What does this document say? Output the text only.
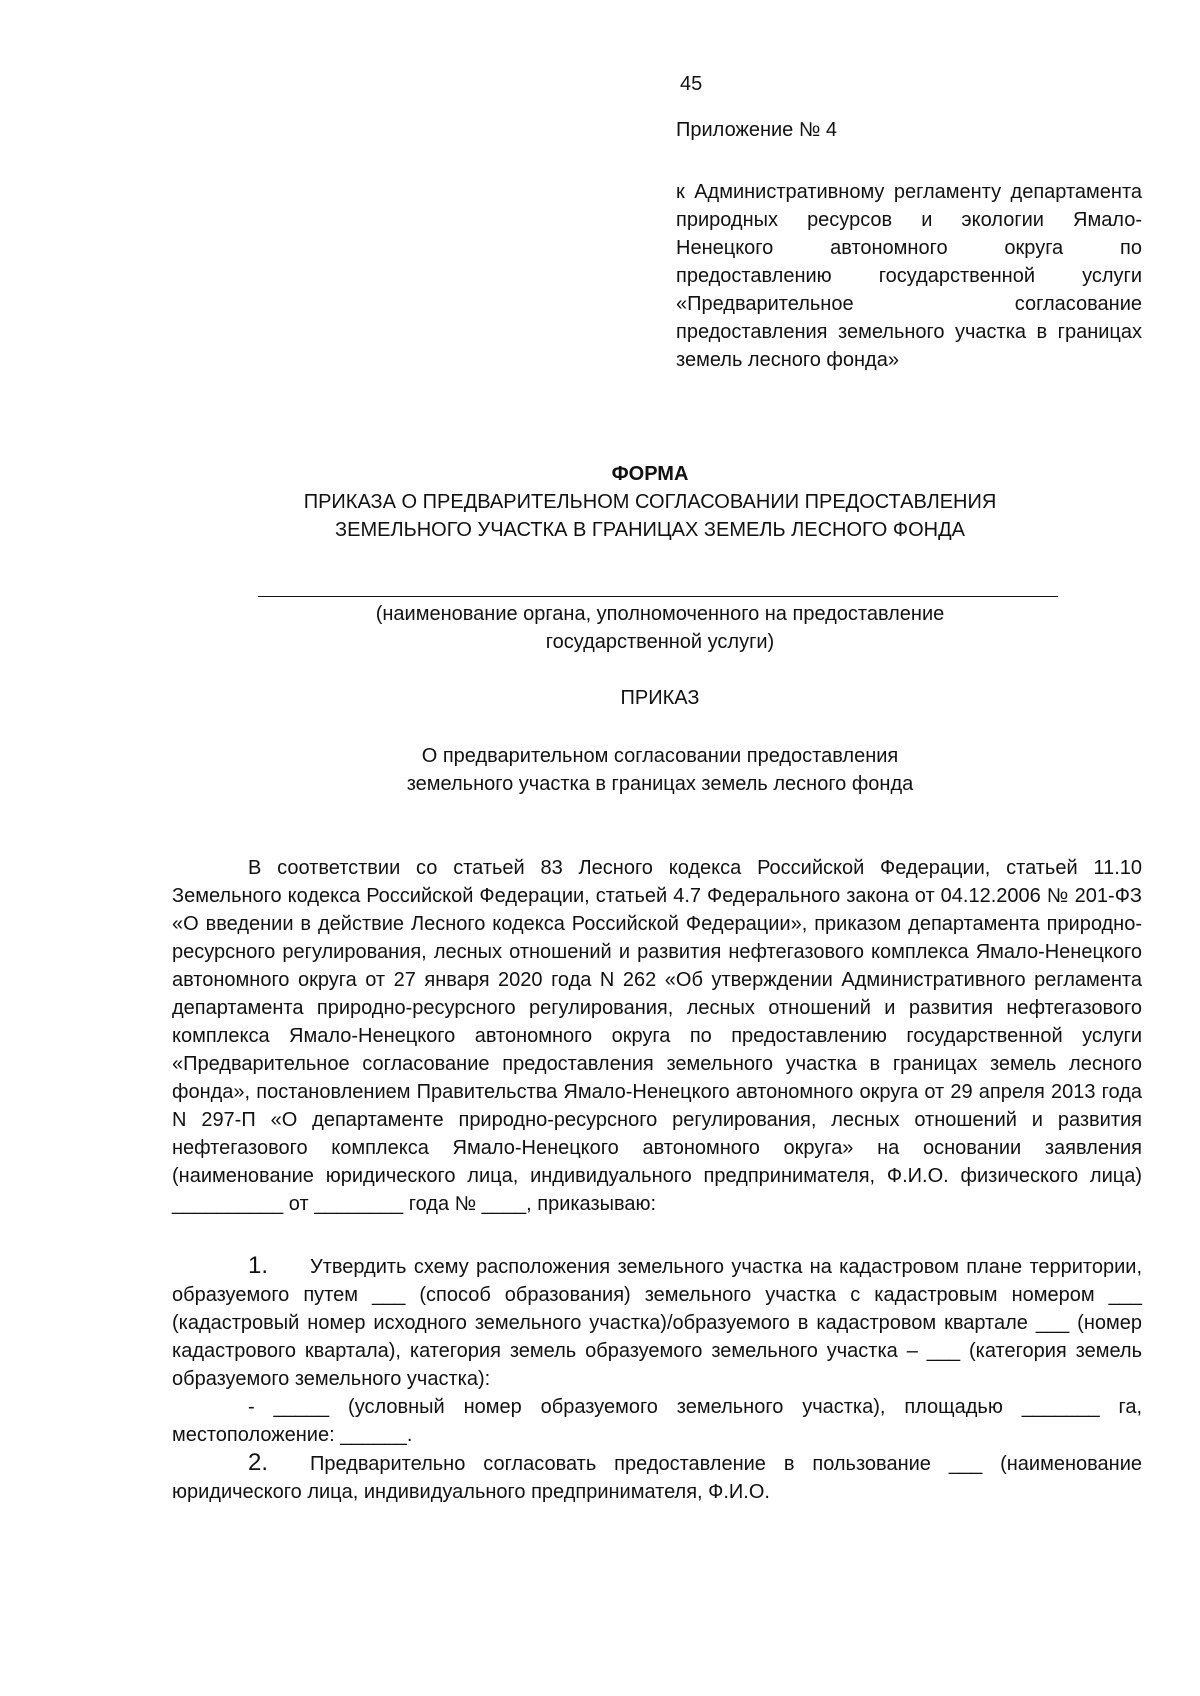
45

Приложение № 4

к Административному регламенту департамента природных ресурсов и экологии Ямало-Ненецкого автономного округа по предоставлению государственной услуги «Предварительное согласование предоставления земельного участка в границах земель лесного фонда»

ФОРМА
ПРИКАЗА О ПРЕДВАРИТЕЛЬНОМ СОГЛАСОВАНИИ ПРЕДОСТАВЛЕНИЯ
ЗЕМЕЛЬНОГО УЧАСТКА В ГРАНИЦАХ ЗЕМЕЛЬ ЛЕСНОГО ФОНДА
(наименование органа, уполномоченного на предоставление
государственной услуги)
ПРИКАЗ
О предварительном согласовании предоставления
земельного участка в границах земель лесного фонда

В соответствии со статьей 83 Лесного кодекса Российской Федерации, статьей 11.10 Земельного кодекса Российской Федерации, статьей 4.7 Федерального закона от 04.12.2006 № 201-ФЗ «О введении в действие Лесного кодекса Российской Федерации», приказом департамента природно-ресурсного регулирования, лесных отношений и развития нефтегазового комплекса Ямало-Ненецкого автономного округа от 27 января 2020 года N 262 «Об утверждении Административного регламента департамента природно-ресурсного регулирования, лесных отношений и развития нефтегазового комплекса Ямало-Ненецкого автономного округа по предоставлению государственной услуги «Предварительное согласование предоставления земельного участка в границах земель лесного фонда», постановлением Правительства Ямало-Ненецкого автономного округа от 29 апреля 2013 года N 297-П «О департаменте природно-ресурсного регулирования, лесных отношений и развития нефтегазового комплекса Ямало-Ненецкого автономного округа» на основании заявления (наименование юридического лица, индивидуального предпринимателя, Ф.И.О. физического лица) __________ от ________ года № ____, приказываю:

1. Утвердить схему расположения земельного участка на кадастровом плане территории, образуемого путем ___ (способ образования) земельного участка с кадастровым номером ___ (кадастровый номер исходного земельного участка)/образуемого в кадастровом квартале ___ (номер кадастрового квартала), категория земель образуемого земельного участка – ___ (категория земель образуемого земельного участка):

- _____ (условный номер образуемого земельного участка), площадью _______ га, местоположение: ______.

2. Предварительно согласовать предоставление в пользование ___ (наименование юридического лица, индивидуального предпринимателя, Ф.И.О.
